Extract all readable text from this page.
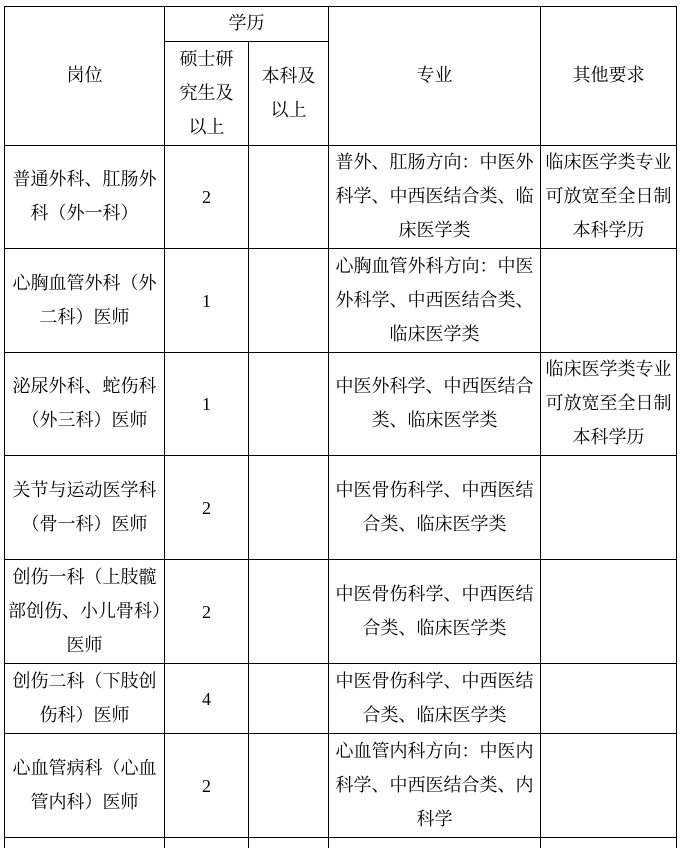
岗位	学历		专业	其他要求
	硕士研究生及以上	本科及以上		
普通外科、肛肠外科（外一科）	2		普外、肛肠方向：中医外科学、中西医结合类、临床医学类	临床医学类专业可放宽至全日制本科学历
心胸血管外科（外二科）医师	1		心胸血管外科方向：中医外科学、中西医结合类、临床医学类	
泌尿外科、蛇伤科（外三科）医师	1		中医外科学、中西医结合类、临床医学类	临床医学类专业可放宽至全日制本科学历
关节与运动医学科（骨一科）医师	2		中医骨伤科学、中西医结合类、临床医学类	
创伤一科（上肢髋部创伤、小儿骨科）医师	2		中医骨伤科学、中西医结合类、临床医学类	
创伤二科（下肢创伤科）医师	4		中医骨伤科学、中西医结合类、临床医学类	
心血管病科（心血管内科）医师	2		心血管内科方向：中医内科学、中西医结合类、内科学	
